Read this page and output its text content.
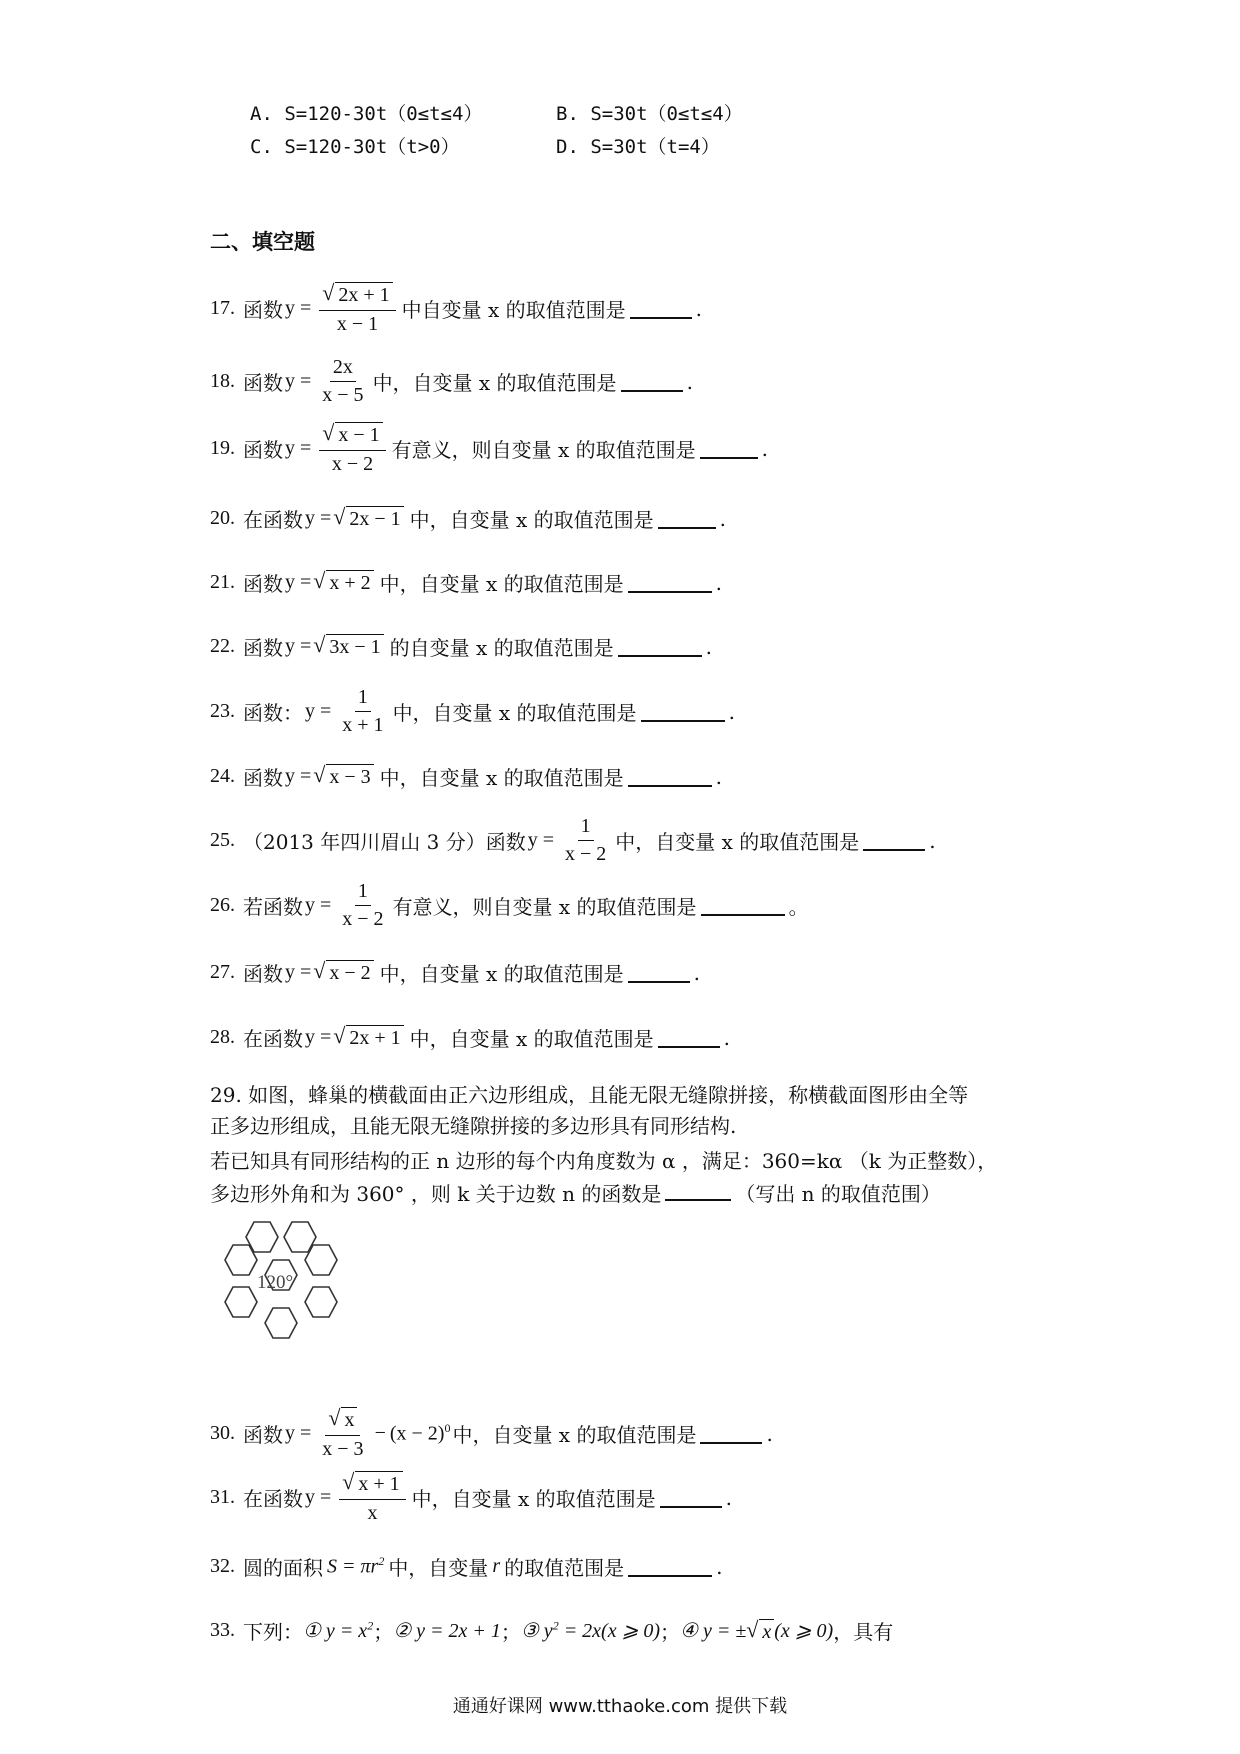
A. S=120-30t（0≤t≤4）	B. S=30t（0≤t≤4）
C. S=120-30t（t>0）	D. S=30t（t=4）
二、填空题
17. 函数 $y = \frac{√ 2x + 1}{x - 1}$ 中自变量 x 的取值范围是	.
18. 函数 $y = \frac{2x}{x - 5}$ 中，自变量 x 的取值范围是	.
19. 函数 $y = \frac{√ x - 1}{x - 2}$ 有意义，则自变量 x 的取值范围是	.
20. 在函数 y = √ 2x − 1 中，自变量 x 的取值范围是	.
21. 函数 y = √ x + 2 中，自变量 x 的取值范围是	.
22. 函数 y = √ 3x − 1 的自变量 x 的取值范围是	.
23. 函数： $y = \frac{1}{x + 1}$ 中，自变量 x 的取值范围是	.
24. 函数 y = √ x − 3 中，自变量 x 的取值范围是	.
25. （2013 年四川眉山 3 分）函数 $y = \frac{1}{x - 2}$ 中，自变量 x 的取值范围是	.
26. 若函数 $y = \frac{1}{x - 2}$ 有意义，则自变量 x 的取值范围是	。
27. 函数 y = √ x − 2 中，自变量 x 的取值范围是	.
28. 在函数 y = √ 2x + 1 中，自变量 x 的取值范围是	.
29. 如图，蜂巢的横截面由正六边形组成，且能无限无缝隙拼接，称横截面图形由全等
正多边形组成，且能无限无缝隙拼接的多边形具有同形结构.
若已知具有同形结构的正 n 边形的每个内角度数为 α ，满足：360=kα （k 为正整数），
多边形外角和为 360° ，则 k 关于边数 n 的函数是	（写出 n 的取值范围）
120°
30. 函数 $y = \frac{√ x}{x - 3} - (x - 2)^0$ 中，自变量 x 的取值范围是	.
31. 在函数 $y = \frac{√ x + 1}{x}$ 中，自变量 x 的取值范围是	.
32. 圆的面积 $S = \pi r^2$ 中，自变量 r 的取值范围是	.
33. 下列： ① $y = x^2$ ； ② y = 2x + 1 ； ③ $y^2 = 2x(x$ ⩾ 0) ； ④ y = ± √ x (x ⩾ 0) ，具有
通通好课网 www.tthaoke.com 提供下载
